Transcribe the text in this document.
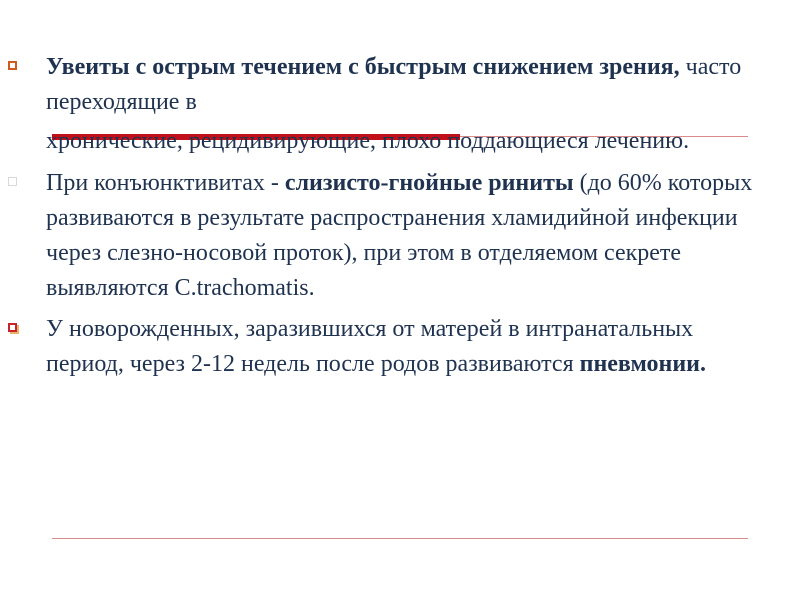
Увеиты с острым течением с быстрым снижением зрения, часто переходящие в
хронические, рецидивирующие, плохо поддающиеся лечению.

При конъюнктивитах - слизисто-гнойные риниты (до 60% которых развиваются в результате распространения хламидийной инфекции через слезно-носовой проток), при этом в отделяемом секрете выявляются C.trachomatis.

У новорожденных, заразившихся от матерей в интранатальных период, через 2-12 недель после родов развиваются пневмонии.
